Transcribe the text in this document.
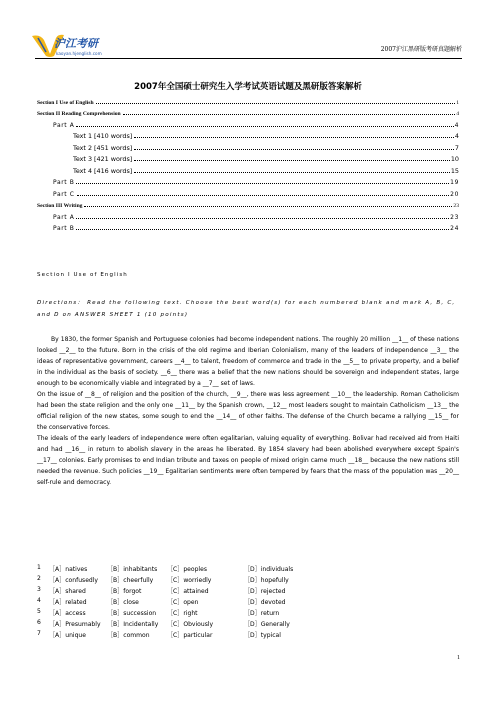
沪江考研
kaoyan.hjenglish.com
2007沪江黑研版考研真题解析
2007年全国硕士研究生入学考试英语试题及黑研版答案解析
Section I Use of English	1
Section II Reading Comprehension	4
Part A	4
Text 1 [410 words]	4
Text 2 [451 words]	7
Text 3 [421 words]	10
Text 4 [416 words]	15
Part B	19
Part C	20
Section III Writing	23
Part A	23
Part B	24
Section I Use of English
Directions： Read the following text. Choose the best word(s) for each numbered blank and mark A, B, C, and D on ANSWER SHEET 1 (10 points)

By 1830, the former Spanish and Portuguese colonies had become independent nations. The roughly 20 million __1__ of these nations looked __2__ to the future. Born in the crisis of the old regime and Iberian Colonialism, many of the leaders of independence __3__ the ideas of representative government, careers __4__ to talent, freedom of commerce and trade in the __5__ to private property, and a belief in the individual as the basis of society. __6__ there was a belief that the new nations should be sovereign and independent states, large enough to be economically viable and integrated by a __7__ set of laws.

On the issue of __8__ of religion and the position of the church, __9__, there was less agreement __10__ the leadership. Roman Catholicism had been the state religion and the only one __11__ by the Spanish crown, __12__ most leaders sought to maintain Catholicism __13__ the official religion of the new states, some sough to end the __14__ of other faiths. The defense of the Church became a rallying __15__ for the conservative forces.

The ideals of the early leaders of independence were often egalitarian, valuing equality of everything. Bolivar had received aid from Haiti and had __16__ in return to abolish slavery in the areas he liberated. By 1854 slavery had been abolished everywhere except Spain's __17__ colonies. Early promises to end Indian tribute and taxes on people of mixed origin came much __18__ because the new nations still needed the revenue. Such policies __19__ Egalitarian sentiments were often tempered by fears that the mass of the population was __20__ self-rule and democracy.

1 ［A］natives	［B］inhabitants ［C］peoples	［D］individuals
2 ［A］confusedly ［B］cheerfully ［C］worriedly	［D］hopefully
3 ［A］shared	［B］forgot	［C］attained	［D］rejected
4 ［A］related	［B］close	［C］open	［D］devoted
5 ［A］access	［B］succession ［C］right	［D］return
6 ［A］Presumably ［B］Incidentally ［C］Obviously	［D］Generally
7 ［A］unique	［B］common	［C］particular	［D］typical
1
